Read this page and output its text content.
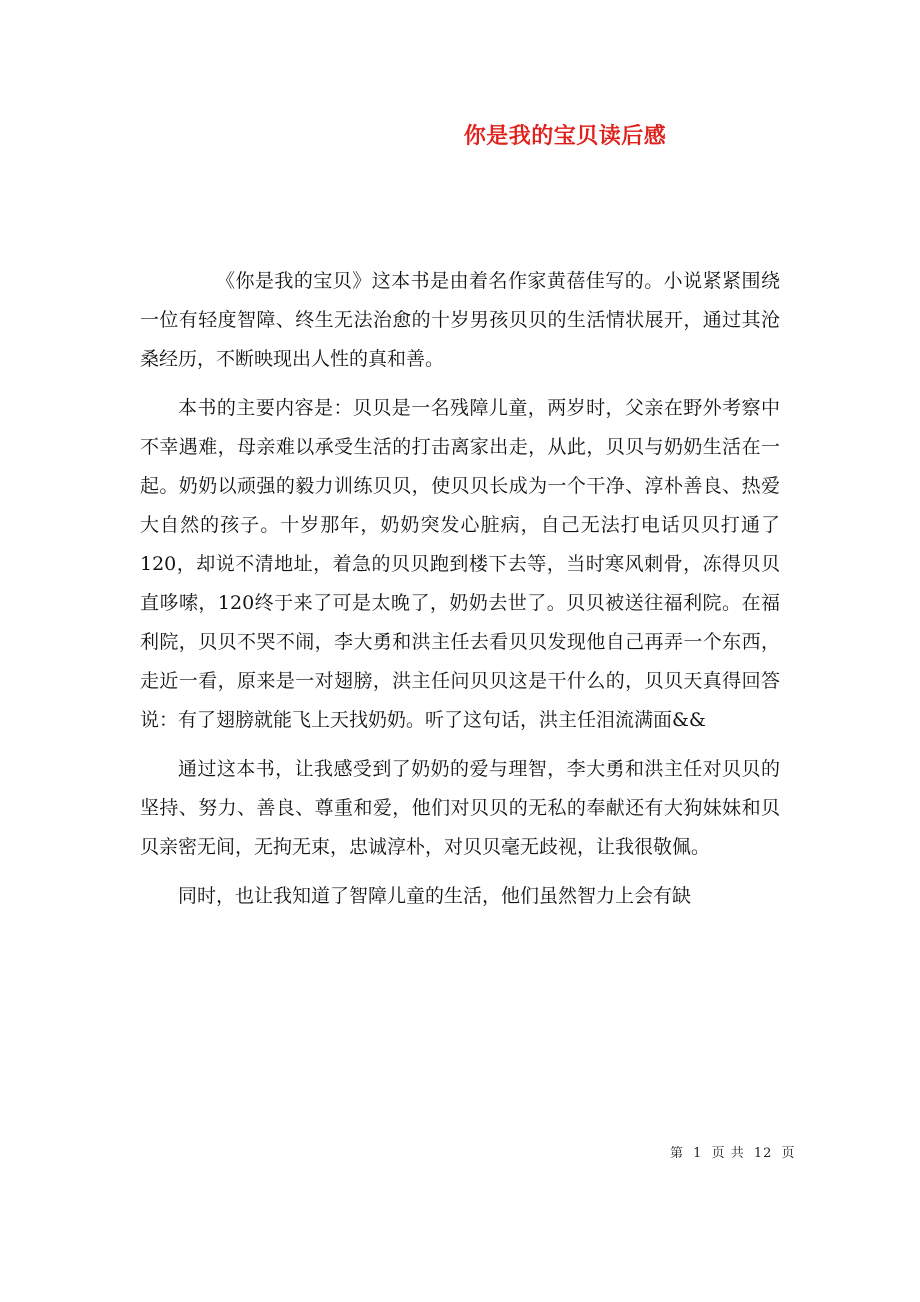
你是我的宝贝读后感

《你是我的宝贝》这本书是由着名作家黄蓓佳写的。小说紧紧围绕一位有轻度智障、终生无法治愈的十岁男孩贝贝的生活情状展开，通过其沧桑经历，不断映现出人性的真和善。

本书的主要内容是：贝贝是一名残障儿童，两岁时，父亲在野外考察中不幸遇难，母亲难以承受生活的打击离家出走，从此，贝贝与奶奶生活在一起。奶奶以顽强的毅力训练贝贝，使贝贝长成为一个干净、淳朴善良、热爱大自然的孩子。十岁那年，奶奶突发心脏病，自己无法打电话贝贝打通了120，却说不清地址，着急的贝贝跑到楼下去等，当时寒风刺骨，冻得贝贝直哆嗦，120终于来了可是太晚了，奶奶去世了。贝贝被送往福利院。在福利院，贝贝不哭不闹，李大勇和洪主任去看贝贝发现他自己再弄一个东西，走近一看，原来是一对翅膀，洪主任问贝贝这是干什么的，贝贝天真得回答说：有了翅膀就能飞上天找奶奶。听了这句话，洪主任泪流满面&&

通过这本书，让我感受到了奶奶的爱与理智，李大勇和洪主任对贝贝的坚持、努力、善良、尊重和爱，他们对贝贝的无私的奉献还有大狗妹妹和贝贝亲密无间，无拘无束，忠诚淳朴，对贝贝毫无歧视，让我很敬佩。

同时，也让我知道了智障儿童的生活，他们虽然智力上会有缺

第 1 页 共 12 页
